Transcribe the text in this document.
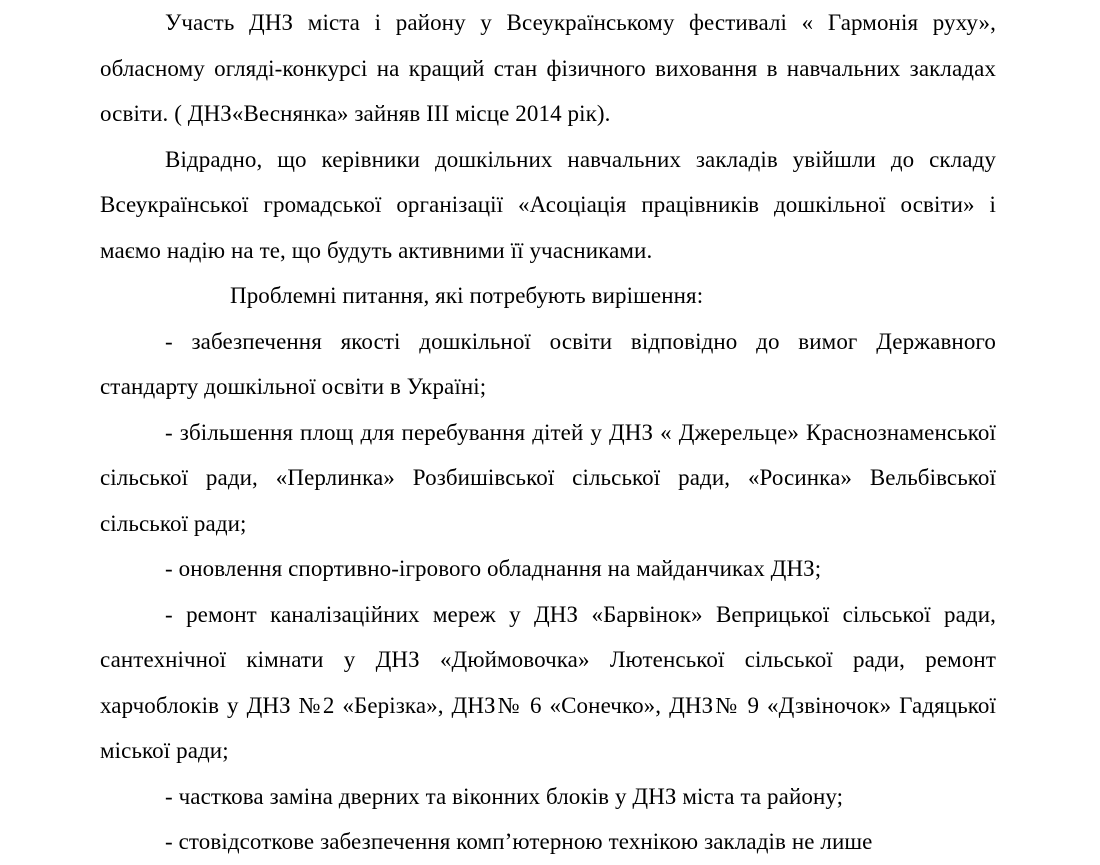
Участь ДНЗ міста і району у Всеукраїнському фестивалі « Гармонія руху», обласному огляді-конкурсі на кращий стан фізичного виховання в навчальних закладах освіти. ( ДНЗ«Веснянка» зайняв ІІІ місце 2014 рік).

Відрадно, що керівники дошкільних навчальних закладів увійшли до складу Всеукраїнської громадської організації «Асоціація працівників дошкільної освіти» і маємо надію на те, що будуть активними її учасниками.

Проблемні питання, які потребують вирішення:

- забезпечення якості дошкільної освіти відповідно до вимог Державного стандарту дошкільної освіти в Україні;

- збільшення площ для перебування дітей у ДНЗ « Джерельце» Краснознаменської сільської ради, «Перлинка» Розбишівської сільської ради, «Росинка» Вельбівської сільської ради;

- оновлення спортивно-ігрового обладнання на майданчиках ДНЗ;

- ремонт каналізаційних мереж у ДНЗ «Барвінок» Веприцької сільської ради, сантехнічної кімнати у ДНЗ «Дюймовочка» Лютенської сільської ради, ремонт харчоблоків у ДНЗ №2 «Берізка», ДНЗ№ 6 «Сонечко», ДНЗ№ 9 «Дзвіночок» Гадяцької міської ради;

- часткова заміна дверних та віконних блоків у ДНЗ міста та району;

- стовідсоткове забезпечення комп’ютерною технікою закладів не лише
